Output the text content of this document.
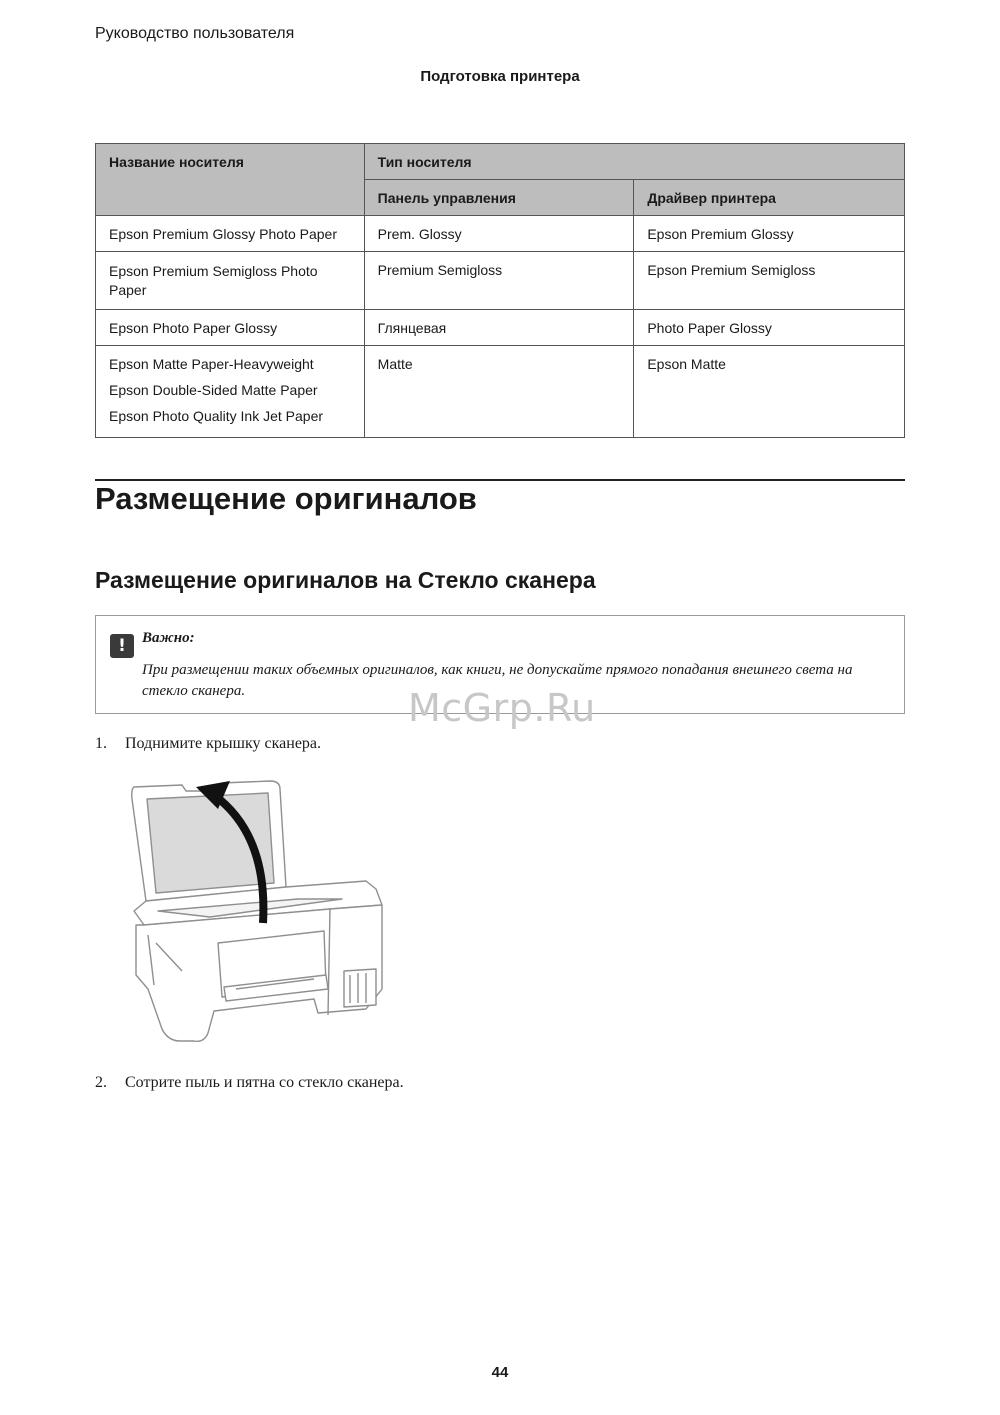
Руководство пользователя
Подготовка принтера
Название носителя	Тип носителя	
	Панель управления	Драйвер принтера
Epson Premium Glossy Photo Paper	Prem. Glossy	Epson Premium Glossy
Epson Premium Semigloss Photo Paper	Premium Semigloss	Epson Premium Semigloss
Epson Photo Paper Glossy	Глянцевая	Photo Paper Glossy

Epson Matte Paper-Heavyweight
Epson Double-Sided Matte Paper
Epson Photo Quality Ink Jet Paper	Matte	Epson Matte
Размещение оригиналов
Размещение оригиналов на Стекло сканера
!	Важно:
При размещении таких объемных оригиналов, как книги, не допускайте прямого попадания внешнего света на стекло сканера.	McGrp.Ru
1. Поднимите крышку сканера.
2. Сотрите пыль и пятна со стекло сканера.
44
